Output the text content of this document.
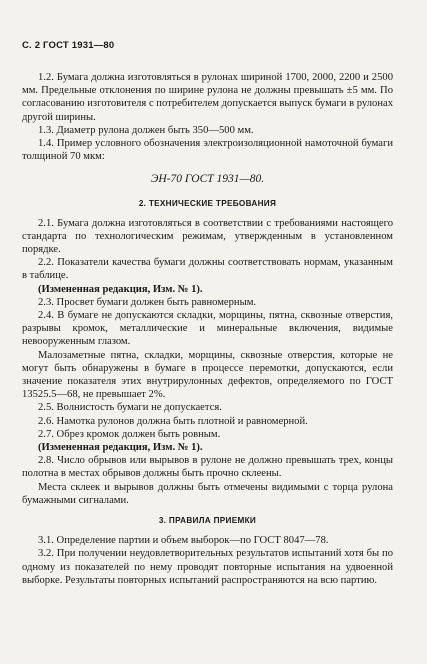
С. 2 ГОСТ 1931—80

1.2. Бумага должна изготовляться в рулонах шириной 1700, 2000, 2200 и 2500 мм. Предельные отклонения по ширине рулона не должны превышать ±5 мм. По согласованию изготовителя с потребителем допускается выпуск бумаги в рулонах другой ширины.

1.3. Диаметр рулона должен быть 350—500 мм.

1.4. Пример условного обозначения электроизоляционной намоточной бумаги толщиной 70 мкм:

ЭН-70 ГОСТ 1931—80.

2. ТЕХНИЧЕСКИЕ ТРЕБОВАНИЯ

2.1. Бумага должна изготовляться в соответствии с требованиями настоящего стандарта по технологическим режимам, утвержденным в установленном порядке.

2.2. Показатели качества бумаги должны соответствовать нормам, указанным в таблице.

(Измененная редакция, Изм. № 1).

2.3. Просвет бумаги должен быть равномерным.

2.4. В бумаге не допускаются складки, морщины, пятна, сквозные отверстия, разрывы кромок, металлические и минеральные включения, видимые невооруженным глазом.

Малозаметные пятна, складки, морщины, сквозные отверстия, которые не могут быть обнаружены в бумаге в процессе перемотки, допускаются, если значение показателя этих внутрирулонных дефектов, определяемого по ГОСТ 13525.5—68, не превышает 2%.

2.5. Волнистость бумаги не допускается.

2.6. Намотка рулонов должна быть плотной и равномерной.

2.7. Обрез кромок должен быть ровным.

(Измененная редакция, Изм. № 1).

2.8. Число обрывов или вырывов в рулоне не должно превышать трех, концы полотна в местах обрывов должны быть прочно склеены.

Места склеек и вырывов должны быть отмечены видимыми с торца рулона бумажными сигналами.

3. ПРАВИЛА ПРИЕМКИ

3.1. Определение партии и объем выборок—по ГОСТ 8047—78.

3.2. При получении неудовлетворительных результатов испытаний хотя бы по одному из показателей по нему проводят повторные испытания на удвоенной выборке. Результаты повторных испытаний распространяются на всю партию.
